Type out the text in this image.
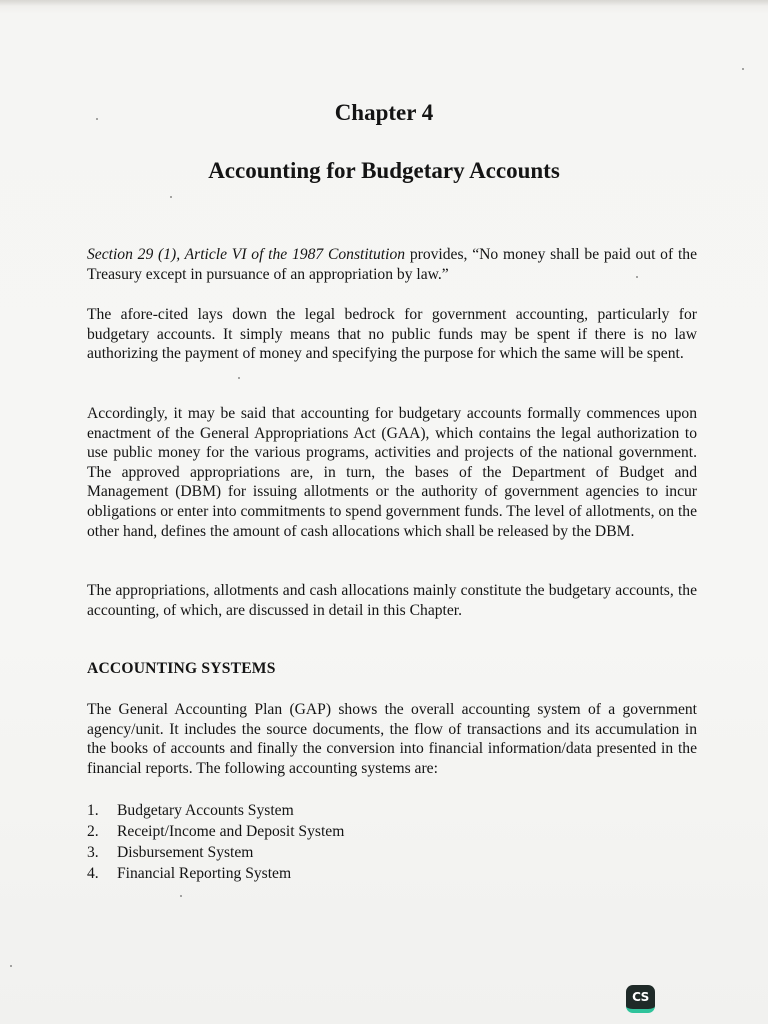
Chapter 4
Accounting for Budgetary Accounts

Section 29 (1), Article VI of the 1987 Constitution provides, “No money shall be paid out of the Treasury except in pursuance of an appropriation by law.”

The afore-cited lays down the legal bedrock for government accounting, particularly for budgetary accounts. It simply means that no public funds may be spent if there is no law authorizing the payment of money and specifying the purpose for which the same will be spent.

Accordingly, it may be said that accounting for budgetary accounts formally commences upon enactment of the General Appropriations Act (GAA), which contains the legal authorization to use public money for the various programs, activities and projects of the national government. The approved appropriations are, in turn, the bases of the Department of Budget and Management (DBM) for issuing allotments or the authority of government agencies to incur obligations or enter into commitments to spend government funds. The level of allotments, on the other hand, defines the amount of cash allocations which shall be released by the DBM.

The appropriations, allotments and cash allocations mainly constitute the budgetary accounts, the accounting, of which, are discussed in detail in this Chapter.

ACCOUNTING SYSTEMS

The General Accounting Plan (GAP) shows the overall accounting system of a government agency/unit. It includes the source documents, the flow of transactions and its accumulation in the books of accounts and finally the conversion into financial information/data presented in the financial reports. The following accounting systems are:

1.	Budgetary Accounts System
2.	Receipt/Income and Deposit System
3.	Disbursement System
4.	Financial Reporting System
CS
